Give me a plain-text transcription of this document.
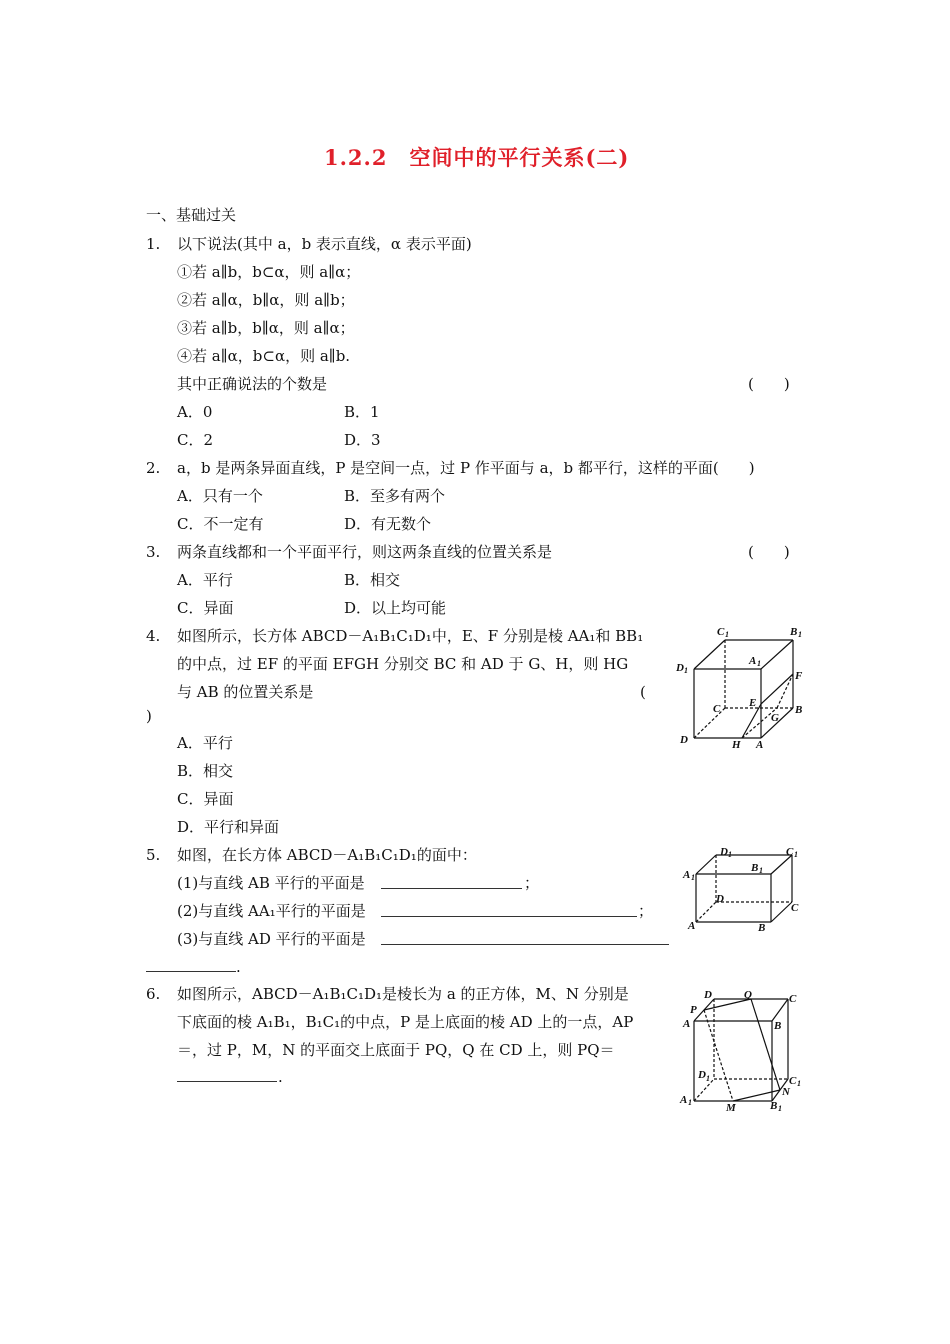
1.2.2　空间中的平行关系(二)
一、基础过关
1. 以下说法(其中 a，b 表示直线，α 表示平面)
①若 a∥b，b⊂α，则 a∥α；
②若 a∥α，b∥α，则 a∥b；
③若 a∥b，b∥α，则 a∥α；
④若 a∥α，b⊂α，则 a∥b.
其中正确说法的个数是	(　　)
A．0	B．1
C．2	D．3
2. a，b 是两条异面直线，P 是空间一点，过 P 作平面与 a，b 都平行，这样的平面(　　)
A．只有一个	B．至多有两个
C．不一定有	D．有无数个
3. 两条直线都和一个平面平行，则这两条直线的位置关系是	(　　)
A．平行	B．相交
C．异面	D．以上均可能
4. 如图所示，长方体 ABCD－A₁B₁C₁D₁中，E、F 分别是棱 AA₁和 BB₁
的中点，过 EF 的平面 EFGH 分别交 BC 和 AD 于 G、H，则 HG
与 AB 的位置关系是	(
)
A．平行
B．相交
C．异面
D．平行和异面
C 1	B 1
D 1
A 1
F
E
C
G
B
D	H A
5. 如图，在长方体 ABCD－A₁B₁C₁D₁的面中：
(1)与直线 AB 平行的平面是	；
(2)与直线 AA₁平行的平面是	；
(3)与直线 AD 平行的平面是
.
D 1	C 1
B 1
A 1
D
C
A	B
6. 如图所示，ABCD－A₁B₁C₁D₁是棱长为 a 的正方体，M、N 分别是
下底面的棱 A₁B₁，B₁C₁的中点，P 是上底面的棱 AD 上的一点，AP
＝，过 P，M，N 的平面交上底面于 PQ，Q 在 CD 上，则 PQ＝
.
D	Q	C
P
A	B
D 1	C 1
N
A 1	M	B 1
